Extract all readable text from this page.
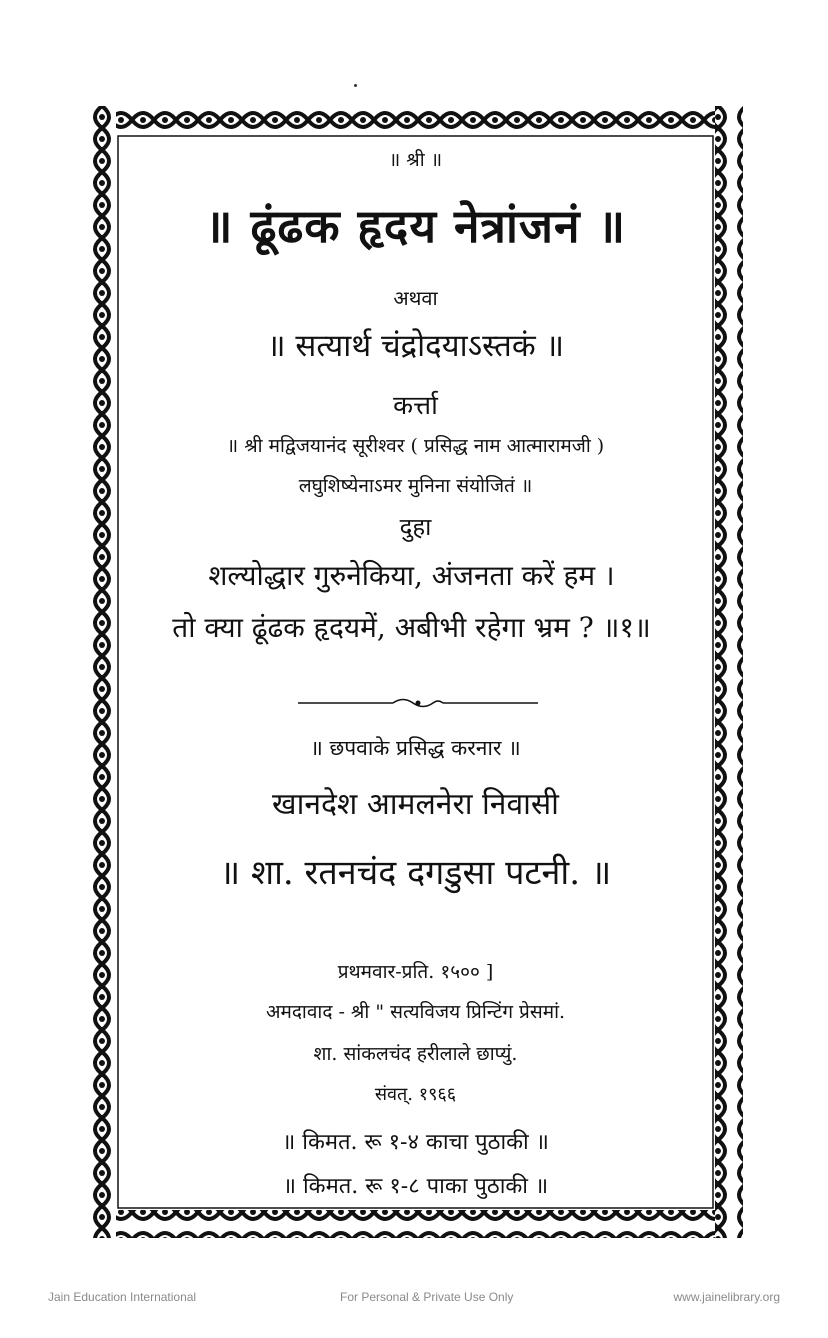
॥ श्री ॥
॥ ढूंढक हृदय नेत्रांजनं ॥
अथवा
॥ सत्यार्थ चंद्रोदयाऽस्तकं ॥
कर्त्ता
॥ श्री मद्विजयानंद सूरीश्वर ( प्रसिद्ध नाम आत्मारामजी )
लघुशिष्येनाऽमर मुनिना संयोजितं ॥
दुहा
शल्योद्धार गुरुनेकिया, अंजनता करें हम ।
तो क्या ढूंढक हृदयमें, अबीभी रहेगा भ्रम ? ॥१॥
॥ छपवाके प्रसिद्ध करनार ॥
खानदेश आमलनेरा निवासी
॥ शा. रतनचंद दगडुसा पटनी. ॥
प्रथमवार-प्रति. १५०० ]
अमदावाद - श्री " सत्यविजय प्रिन्टिंग प्रेसमां.
शा. सांकलचंद हरीलाले छाप्युं.
संवत्. १९६६
॥ किमत. रू १-४ काचा पुठाकी ॥
॥ किमत. रू १-८ पाका पुठाकी ॥
Jain Education International	For Personal & Private Use Only	www.jainelibrary.org
